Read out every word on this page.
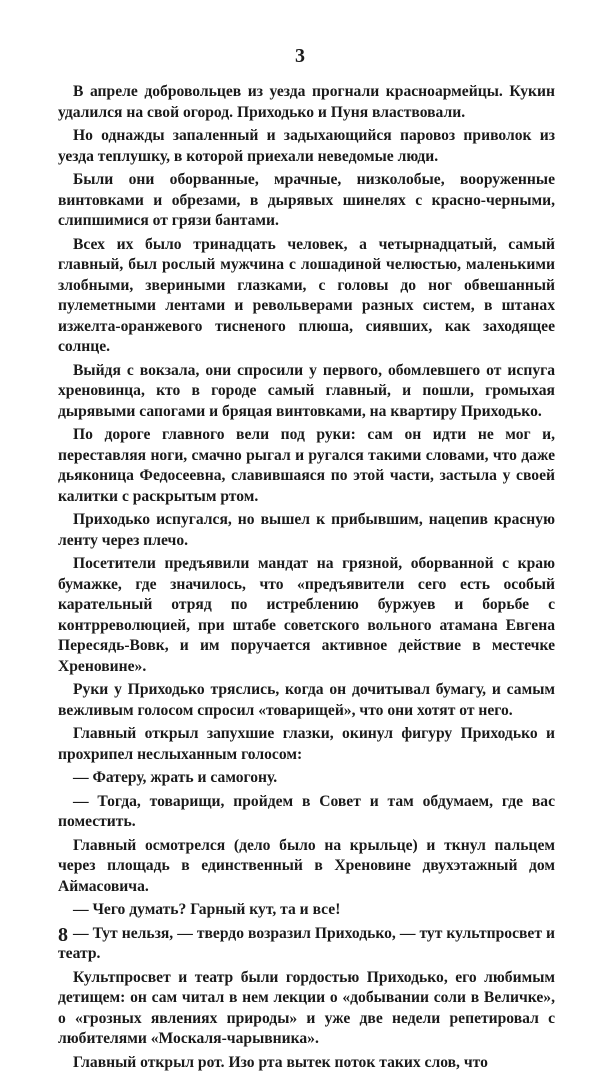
3

В апреле добровольцев из уезда прогнали красноармейцы. Кукин удалился на свой огород. Приходько и Пуня властвовали.

Но однажды запаленный и задыхающийся паровоз приволок из уезда теплушку, в которой приехали неведомые люди.

Были они оборванные, мрачные, низколобые, вооруженные винтовками и обрезами, в дырявых шинелях с красно-черными, слипшимися от грязи бантами.

Всех их было тринадцать человек, а четырнадцатый, самый главный, был рослый мужчина с лошадиной челюстью, маленькими злобными, звериными глазками, с головы до ног обвешанный пулеметными лентами и револьверами разных систем, в штанах изжелта-оранжевого тисненого плюша, сиявших, как заходящее солнце.

Выйдя с вокзала, они спросили у первого, обомлевшего от испуга хреновинца, кто в городе самый главный, и пошли, громыхая дырявыми сапогами и бряцая винтовками, на квартиру Приходько.

По дороге главного вели под руки: сам он идти не мог и, переставляя ноги, смачно рыгал и ругался такими словами, что даже дьяконица Федосеевна, славившаяся по этой части, застыла у своей калитки с раскрытым ртом.

Приходько испугался, но вышел к прибывшим, нацепив красную ленту через плечо.

Посетители предъявили мандат на грязной, оборванной с краю бумажке, где значилось, что «предъявители сего есть особый карательный отряд по истреблению буржуев и борьбе с контрреволюцией, при штабе советского вольного атамана Евгена Пересядь-Вовк, и им поручается активное действие в местечке Хреновине».

Руки у Приходько тряслись, когда он дочитывал бумагу, и самым вежливым голосом спросил «товарищей», что они хотят от него.

Главный открыл запухшие глазки, окинул фигуру Приходько и прохрипел неслыханным голосом:

— Фатеру, жрать и самогону.

— Тогда, товарищи, пройдем в Совет и там обдумаем, где вас поместить.

Главный осмотрелся (дело было на крыльце) и ткнул пальцем через площадь в единственный в Хреновине двухэтажный дом Аймасовича.

— Чего думать? Гарный кут, та и все!

— Тут нельзя, — твердо возразил Приходько, — тут культпросвет и театр.

Культпросвет и театр были гордостью Приходько, его любимым детищем: он сам читал в нем лекции о «добывании соли в Величке», о «грозных явлениях природы» и уже две недели репетировал с любителями «Москаля-чарывника».

Главный открыл рот. Изо рта вытек поток таких слов, что

8
